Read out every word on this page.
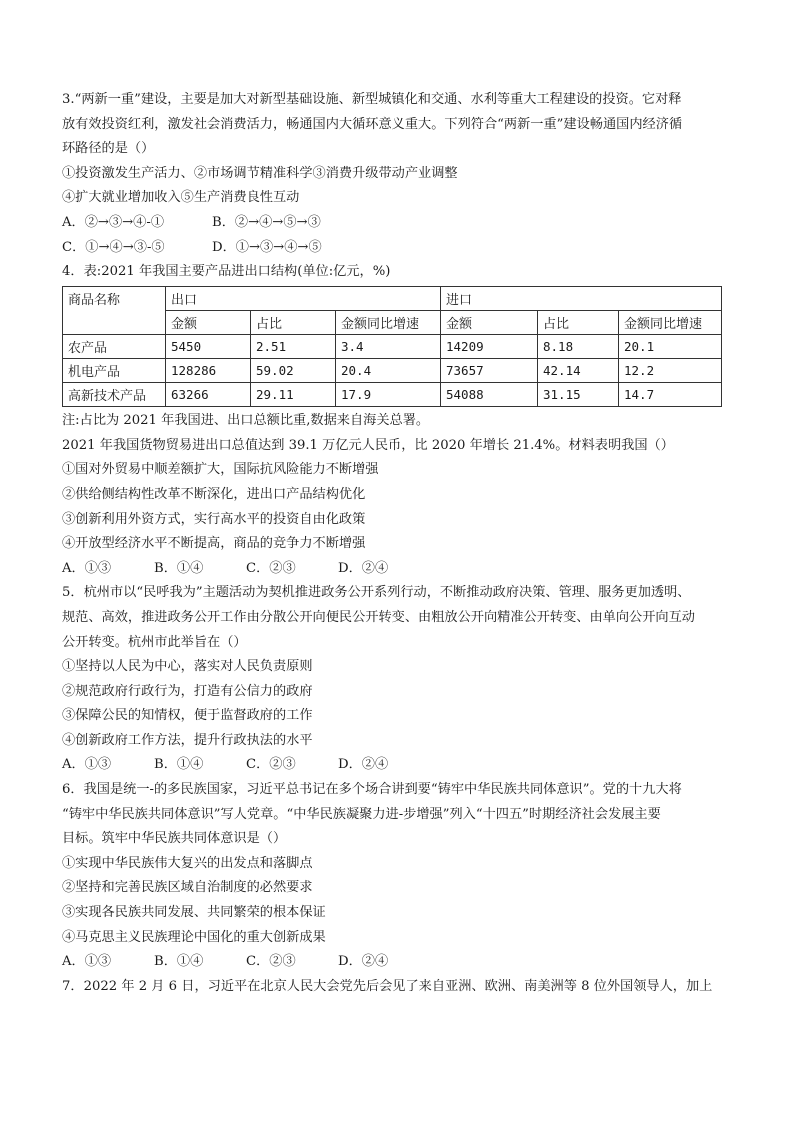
3.“两新一重”建设，主要是加大对新型基础设施、新型城镇化和交通、水利等重大工程建设的投资。它对释
放有效投资红利，激发社会消费活力，畅通国内大循环意义重大。下列符合“两新一重”建设畅通国内经济循
环路径的是（）
①投资激发生产活力、②市场调节精准科学③消费升级带动产业调整
④扩大就业增加收入⑤生产消费良性互动
A．②→③→④-①	B．②→④→⑤→③
C．①→④→③-⑤	D．①→③→④→⑤
4．表:2021 年我国主要产品进出口结构(单位:亿元，%)
商品名称	出口			进口		
	金额	占比	金额同比增速	金额	占比	金额同比增速
农产品	5450	2.51	3.4	14209	8.18	20.1
机电产品	128286	59.02	20.4	73657	42.14	12.2
高新技术产品	63266	29.11	17.9	54088	31.15	14.7
注:占比为 2021 年我国进、出口总额比重,数据来自海关总署。
2021 年我国货物贸易进出口总值达到 39.1 万亿元人民币，比 2020 年增长 21.4%。材料表明我国（）
①国对外贸易中顺差额扩大，国际抗风险能力不断增强
②供给侧结构性改革不断深化，进出口产品结构优化
③创新利用外资方式，实行高水平的投资自由化政策
④开放型经济水平不断提高，商品的竞争力不断增强
A．①③	B．①④	C．②③	D．②④
5．杭州市以“民呼我为”主题活动为契机推进政务公开系列行动，不断推动政府决策、管理、服务更加透明、
规范、高效，推进政务公开工作由分散公开向便民公开转变、由粗放公开向精准公开转变、由单向公开向互动
公开转变。杭州市此举旨在（）
①坚持以人民为中心，落实对人民负责原则
②规范政府行政行为，打造有公信力的政府
③保障公民的知情权，便于监督政府的工作
④创新政府工作方法，提升行政执法的水平
A．①③	B．①④	C．②③	D．②④
6．我国是统一-的多民族国家，习近平总书记在多个场合讲到要“铸牢中华民族共同体意识”。党的十九大将
“铸牢中华民族共同体意识”写人党章。“中华民族凝聚力进-步增强”列入“十四五”时期经济社会发展主要
目标。筑牢中华民族共同体意识是（）
①实现中华民族伟大复兴的出发点和落脚点
②坚持和完善民族区域自治制度的必然要求
③实现各民族共同发展、共同繁荣的根本保证
④马克思主义民族理论中国化的重大创新成果
A．①③	B．①④	C．②③	D．②④
7．2022 年 2 月 6 日，习近平在北京人民大会党先后会见了来自亚洲、欧洲、南美洲等 8 位外国领导人，加上
